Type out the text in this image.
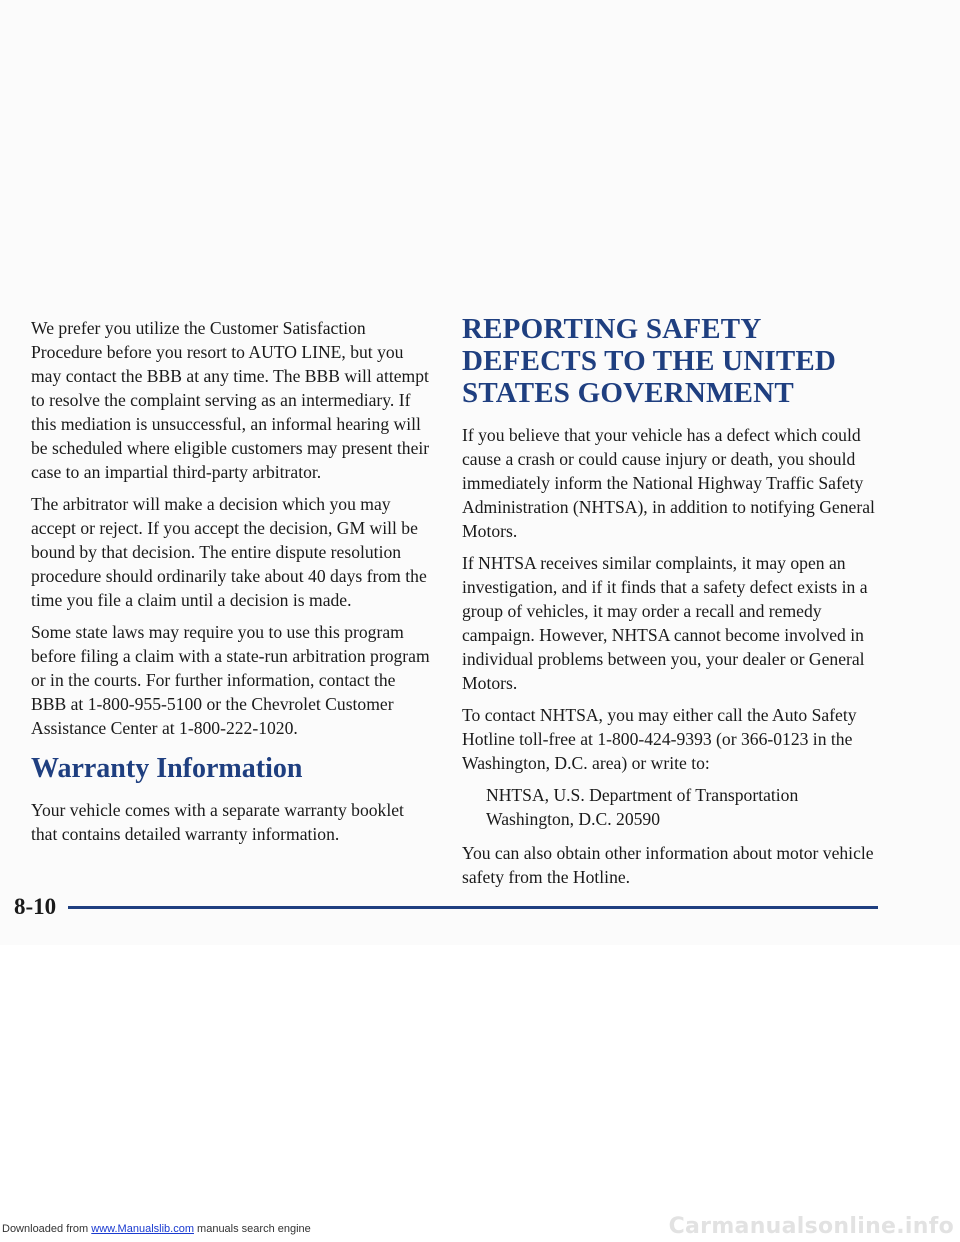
We prefer you utilize the Customer Satisfaction Procedure before you resort to AUTO LINE, but you may contact the BBB at any time. The BBB will attempt to resolve the complaint serving as an intermediary. If this mediation is unsuccessful, an informal hearing will be scheduled where eligible customers may present their case to an impartial third-party arbitrator.

The arbitrator will make a decision which you may accept or reject. If you accept the decision, GM will be bound by that decision. The entire dispute resolution procedure should ordinarily take about 40 days from the time you file a claim until a decision is made.

Some state laws may require you to use this program before filing a claim with a state-run arbitration program or in the courts. For further information, contact the BBB at 1-800-955-5100 or the Chevrolet Customer Assistance Center at 1-800-222-1020.

Warranty Information

Your vehicle comes with a separate warranty booklet that contains detailed warranty information.

REPORTING SAFETY DEFECTS TO THE UNITED STATES GOVERNMENT

If you believe that your vehicle has a defect which could cause a crash or could cause injury or death, you should immediately inform the National Highway Traffic Safety Administration (NHTSA), in addition to notifying General Motors.

If NHTSA receives similar complaints, it may open an investigation, and if it finds that a safety defect exists in a group of vehicles, it may order a recall and remedy campaign. However, NHTSA cannot become involved in individual problems between you, your dealer or General Motors.

To contact NHTSA, you may either call the Auto Safety Hotline toll-free at 1-800-424-9393 (or 366-0123 in the Washington, D.C. area) or write to:

NHTSA, U.S. Department of Transportation
Washington, D.C. 20590

You can also obtain other information about motor vehicle safety from the Hotline.

8-10
Downloaded from www.Manualslib.com manuals search engine	Carmanualsonline.info
